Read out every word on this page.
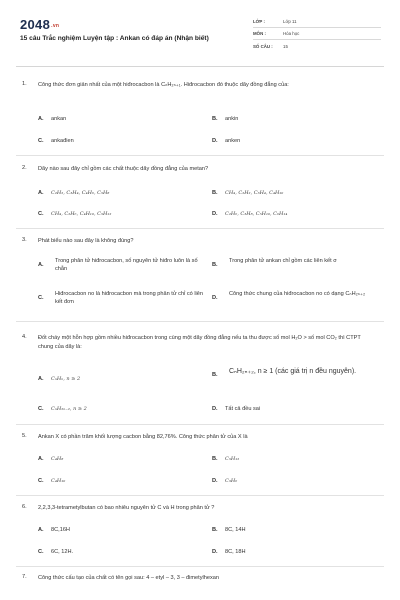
2048.vn
15 câu Trắc nghiệm Luyện tập : Ankan có đáp án (Nhận biết)
LỚP :	Lớp 11
MÔN :	Hóa học
SỐ CÂU : 15
1. Công thức đơn giản nhất của một hiđrocacbon là CₙH₂ₙ₊₁. Hiđrocacbon đó thuộc dãy đồng đẳng của:
A. ankan	B. ankin
C. ankađien	D. anken
2. Dãy nào sau đây chỉ gồm các chất thuộc dãy đồng đẳng của metan?
A. C₂H₂, C₃H₄, C₄H₆, C₅H₈	B. CH₄, C₂H₂, C₃H₄, C₄H₁₀
C. CH₄, C₂H₆, C₄H₁₀, C₅H₁₂	D. C₂H₆, C₃H₈, C₅H₁₀, C₆H₁₄
3. Phát biểu nào sau đây là không đúng?
A.
Trong phân tử hiđrocacbon, số nguyên tử hiđro luôn là số chẵn
B.
Trong phân tử ankan chỉ gồm các liên kết σ
C.
Hiđrocacbon no là hiđrocacbon mà trong phân tử chỉ có liên kết đơn
D.
Công thức chung của hiđrocacbon no có dạng CₙH₂ₙ₊₂
4. Đốt cháy một hỗn hợp gồm nhiều hiđrocacbon trong cùng một dãy đồng đẳng nếu ta thu được số mol H₂O > số mol CO₂ thì CTPT chung của dãy là:
A. CₙHₙ, n ≥ 2
B. CₙH₂ₙ₊₂, n ≥ 1 (các giá trị n đều nguyên).
C. CₙH₂ₙ₋₂, n ≥ 2	D. Tất cả đều sai
5. Ankan X có phần trăm khối lượng cacbon bằng 82,76%. Công thức phân tử của X là
A. C₄H₈	B. C₅H₁₂
C. C₄H₁₀	D. C₃H₆
6. 2,2,3,3-tetrametylbutan có bao nhiêu nguyên tử C và H trong phân tử ?
A. 8C,16H	B. 8C, 14H
C. 6C, 12H.	D. 8C, 18H
7. Công thức cấu tạo của chất có tên gọi sau: 4 – etyl – 3, 3 – đimetylhexan
